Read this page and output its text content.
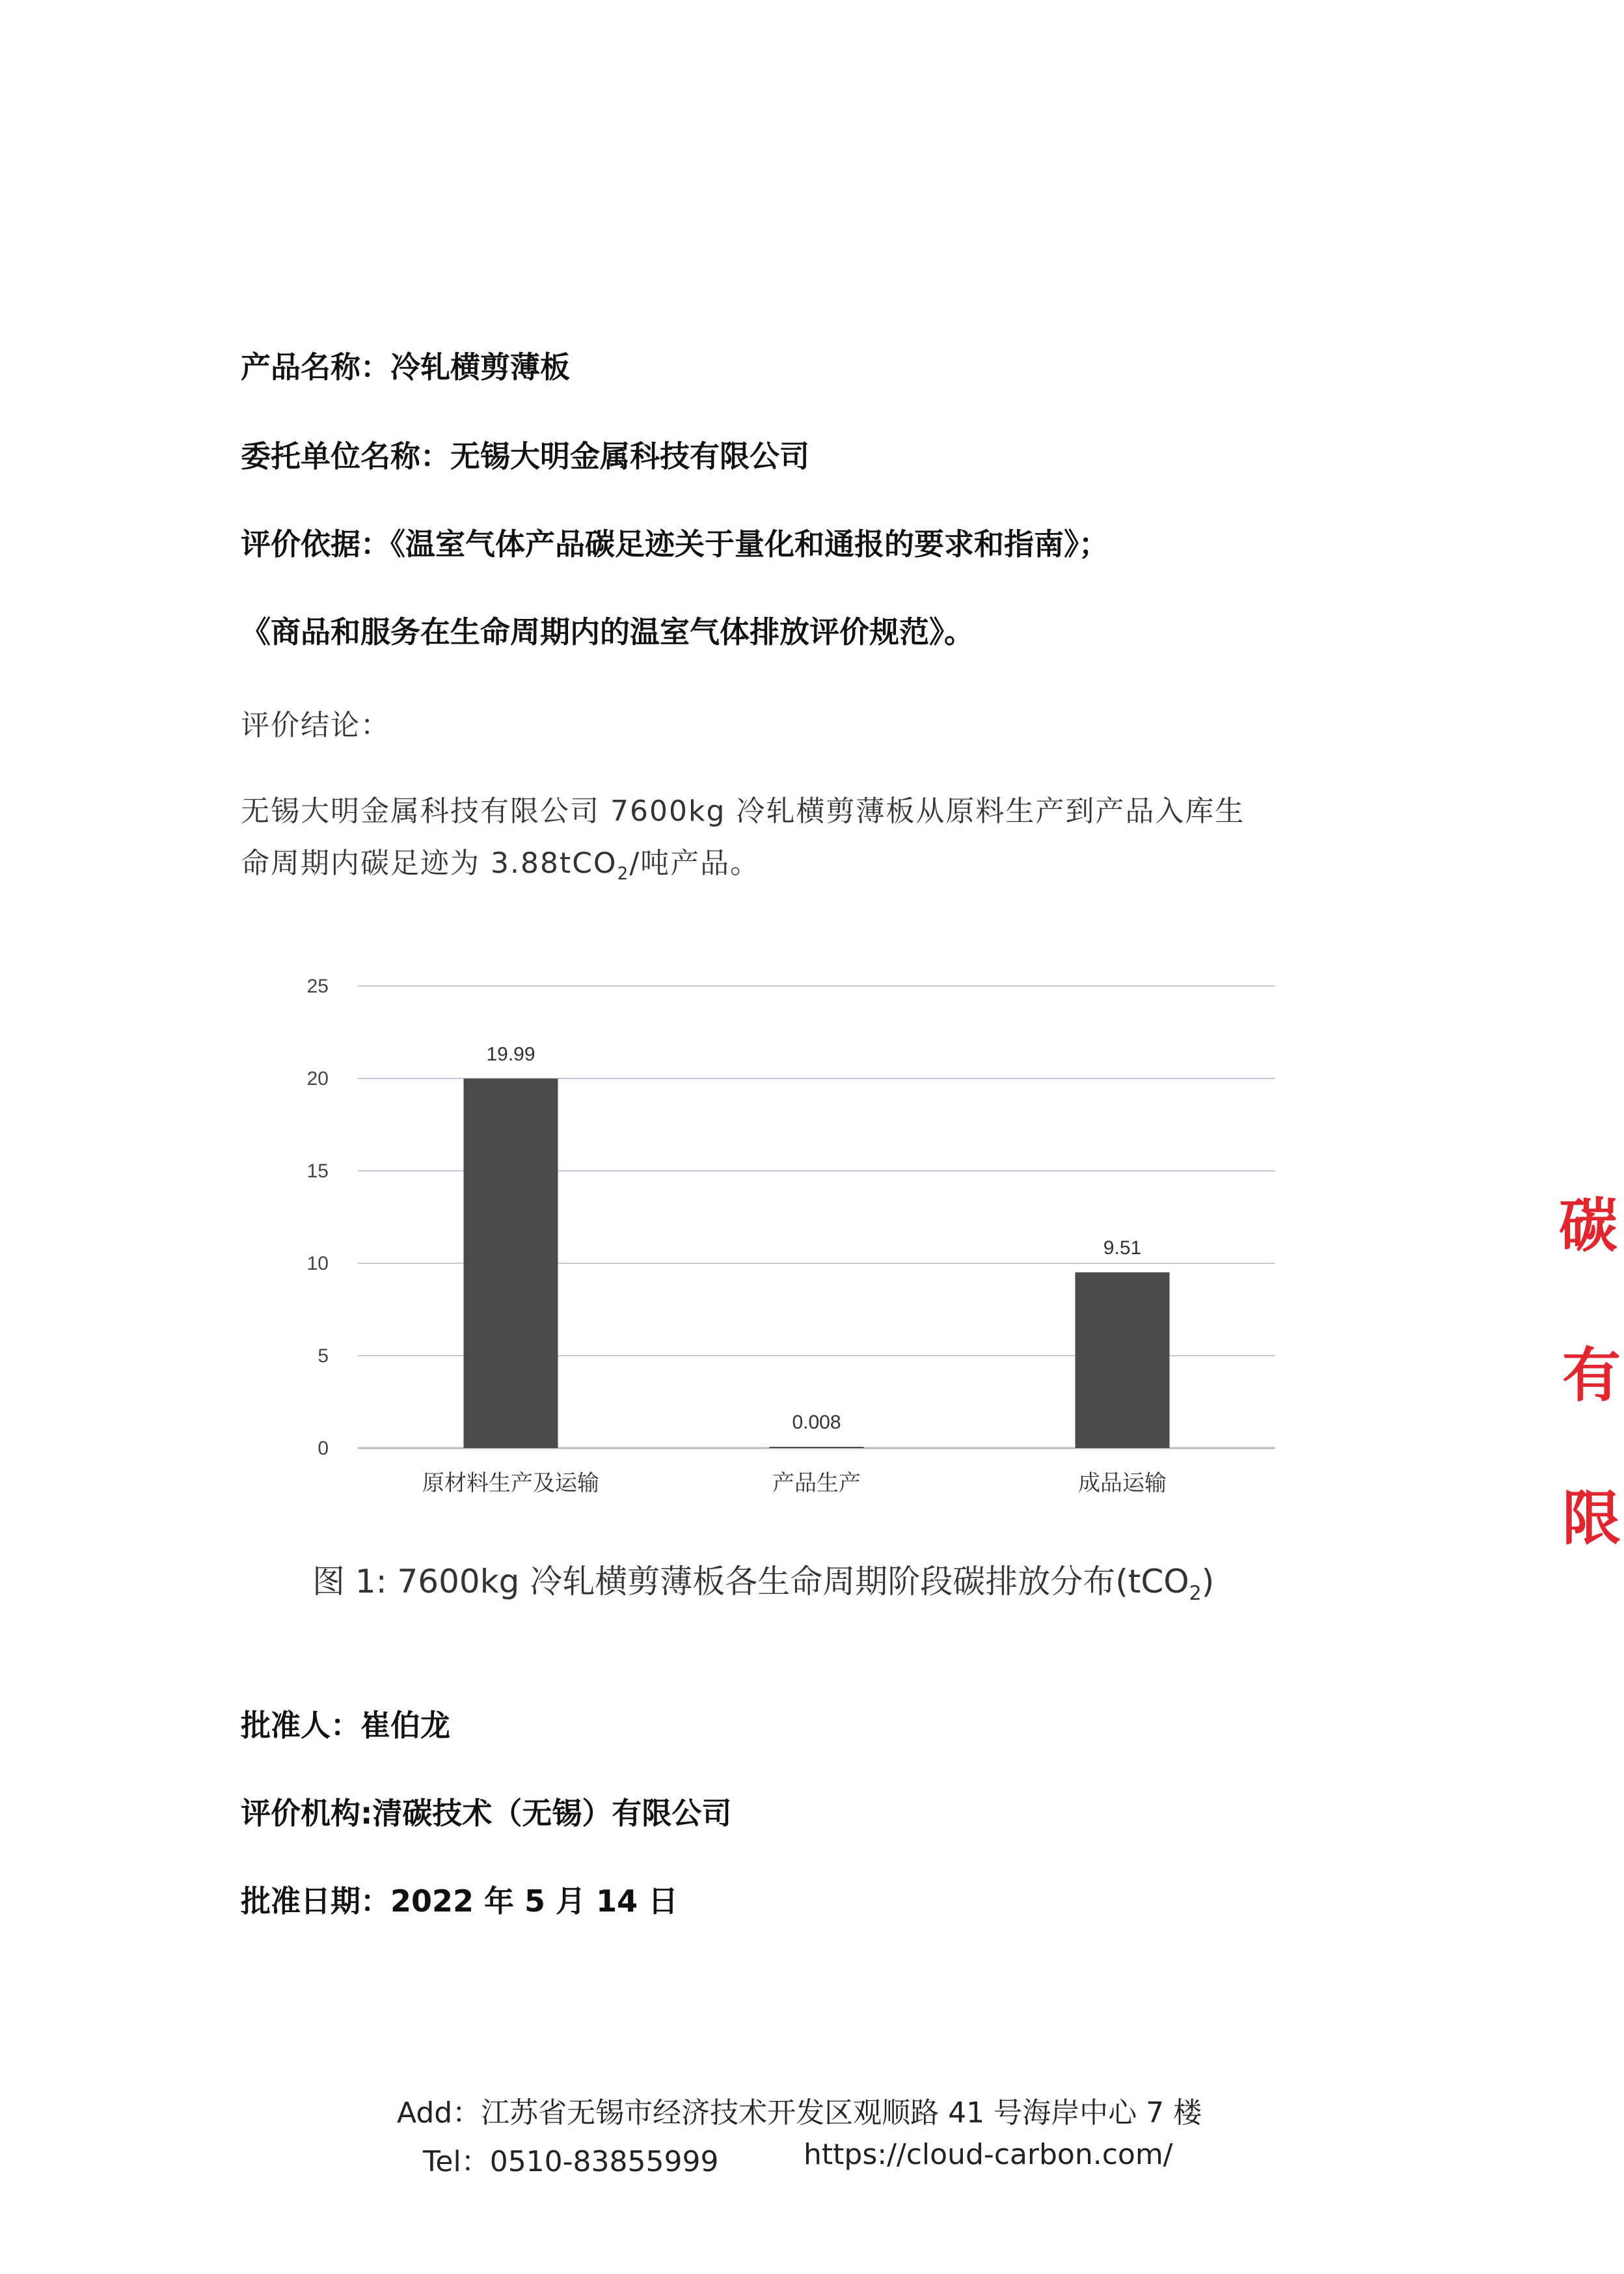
产品名称：冷轧横剪薄板
委托单位名称：无锡大明金属科技有限公司
评价依据：《温室气体产品碳足迹关于量化和通报的要求和指南》；
《商品和服务在生命周期内的温室气体排放评价规范》。
评价结论：
无锡大明金属科技有限公司 7600kg 冷轧横剪薄板从原料生产到产品入库生
命周期内碳足迹为 3.88tCO$_2$/吨产品。
0
5
10
15
20
25
19.99
原材料生产及运输
0.008
产品生产
9.51
成品运输
图 1: 7600kg 冷轧横剪薄板各生命周期阶段碳排放分布(tCO$_2$)
批准人：崔伯龙
评价机构:清碳技术（无锡）有限公司
批准日期：2022 年 5 月 14 日
Add：江苏省无锡市经济技术开发区观顺路 41 号海岸中心 7 楼
Tel：0510-83855999	https://cloud-carbon.com/
碳
有
限
